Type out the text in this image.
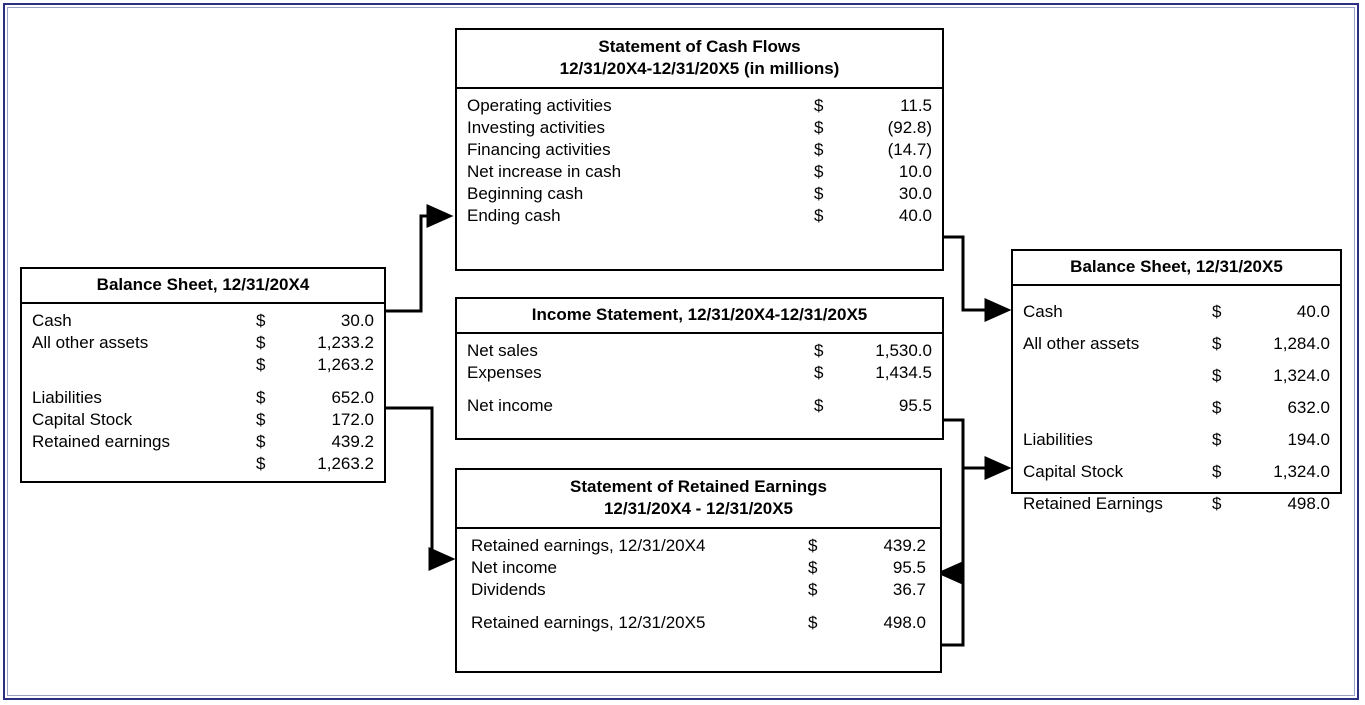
Balance Sheet, 12/31/20X4
Cash	$	30.0
All other assets	$	1,233.2
	$	1,263.2

Liabilities	$	652.0
Capital Stock	$	172.0
Retained earnings	$	439.2
	$	1,263.2
Statement of Cash Flows
12/31/20X4-12/31/20X5 (in millions)
Operating activities	$	11.5
Investing activities	$	(92.8)
Financing activities	$	(14.7)
Net increase in cash	$	10.0
Beginning cash	$	30.0
Ending cash	$	40.0
Income Statement, 12/31/20X4-12/31/20X5
Net sales	$	1,530.0
Expenses	$	1,434.5

Net income	$	95.5
Statement of Retained Earnings
12/31/20X4 - 12/31/20X5
Retained earnings, 12/31/20X4	$	439.2
Net income	$	95.5
Dividends	$	36.7

Retained earnings, 12/31/20X5	$	498.0
Balance Sheet, 12/31/20X5
Cash	$	40.0
All other assets	$	1,284.0
	$	1,324.0
	$	632.0
Liabilities	$	194.0
Capital Stock	$	1,324.0
Retained Earnings	$	498.0
